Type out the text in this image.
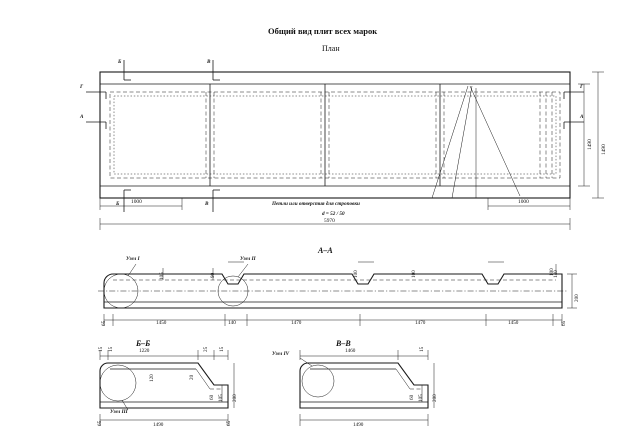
Общий вид плит всех марок
План
Б	В
Г
А
Г
А
Б	В
1000	1000
5970
1490 1490
Петли или отверстия для строповки
d = 52 / 50
А–А
Узел I	Узел II
105	90	100	100	140
65	1450	140	1470	1470	1450	65
200
100
Б–Б
Узел III
15 15	1220	25 15
120	20
60 105 200
65	65
1490
В–В
Узел IV	1460	15
60 105 200
1490
